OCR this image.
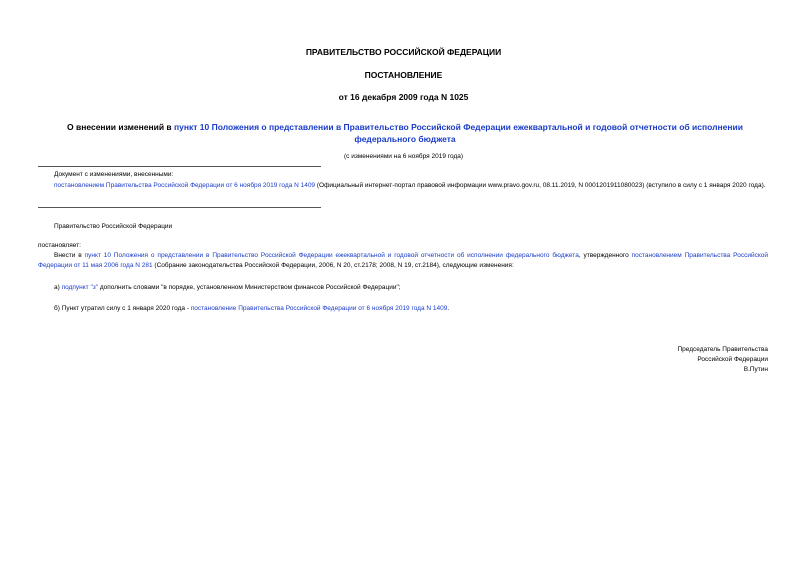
ПРАВИТЕЛЬСТВО РОССИЙСКОЙ ФЕДЕРАЦИИ
ПОСТАНОВЛЕНИЕ
от 16 декабря 2009 года N 1025
О внесении изменений в пункт 10 Положения о представлении в Правительство Российской Федерации ежеквартальной и годовой отчетности об исполнении федерального бюджета
(с изменениями на 6 ноября 2019 года)
Документ с изменениями, внесенными:
постановлением Правительства Российской Федерации от 6 ноября 2019 года N 1409 (Официальный интернет-портал правовой информации www.pravo.gov.ru, 08.11.2019, N 0001201911080023) (вступило в силу с 1 января 2020 года).
Правительство Российской Федерации
постановляет:
Внести в пункт 10 Положения о представлении в Правительство Российской Федерации ежеквартальной и годовой отчетности об исполнении федерального бюджета, утвержденного постановлением Правительства Российской Федерации от 11 мая 2006 года N 281 (Собрание законодательства Российской Федерации, 2006, N 20, ст.2178; 2008, N 19, ст.2184), следующие изменения:
а) подпункт "з" дополнить словами "в порядке, установленном Министерством финансов Российской Федерации";
б) Пункт утратил силу с 1 января 2020 года - постановление Правительства Российской Федерации от 6 ноября 2019 года N 1409.
Председатель Правительства
Российской Федерации
В.Путин
